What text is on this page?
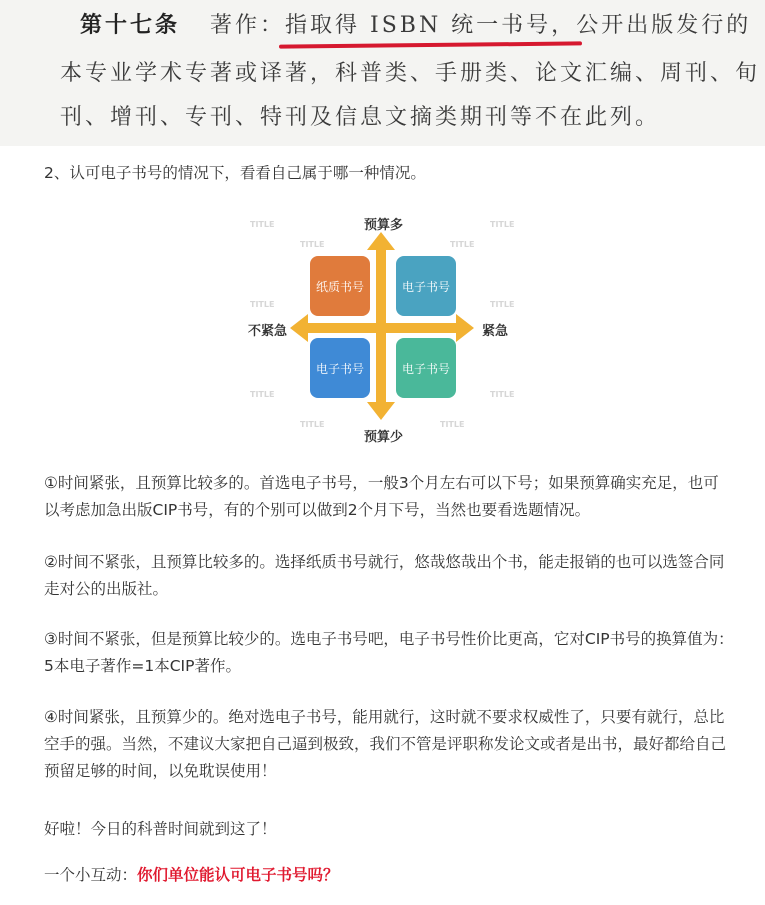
第十七条 著作：指取得 ISBN 统一书号，
公开出版发行的
本专业学术专著或译著，科普类、手册类、论文汇编、周刊、旬
刊、增刊、专刊、特刊及信息文摘类期刊等不在此列。

2、认可电子书号的情况下，看看自己属于哪一种情况。

TITLE
TITLE	TITLE
TITLE
TITLE	TITLE
TITLE
TITLE	TITLE
TITLE
预算多
预算少
不紧急	紧急
纸质书号	电子书号
电子书号	电子书号

①时间紧张，且预算比较多的。首选电子书号，一般3个月左右可以下号；如果预算确实充足，也可以考虑加急出版CIP书号，有的个别可以做到2个月下号，当然也要看选题情况。

②时间不紧张，且预算比较多的。选择纸质书号就行，悠哉悠哉出个书，能走报销的也可以选签合同走对公的出版社。

③时间不紧张，但是预算比较少的。选电子书号吧，电子书号性价比更高，它对CIP书号的换算值为：5本电子著作=1本CIP著作。

④时间紧张，且预算少的。绝对选电子书号，能用就行，这时就不要求权威性了，只要有就行，总比空手的强。当然，不建议大家把自己逼到极致，我们不管是评职称发论文或者是出书，最好都给自己预留足够的时间，以免耽误使用！

好啦！今日的科普时间就到这了！

一个小互动：你们单位能认可电子书号吗？
